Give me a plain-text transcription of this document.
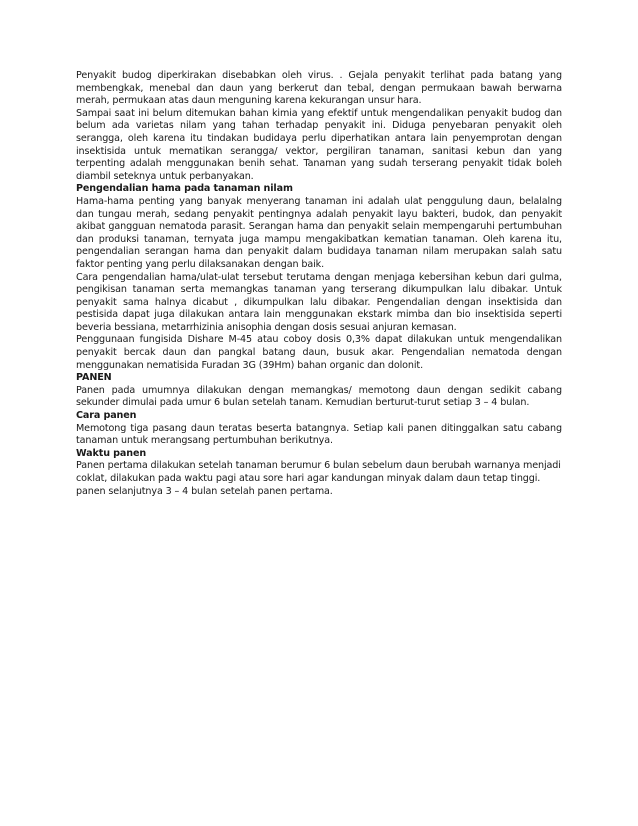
Penyakit budog diperkirakan disebabkan oleh virus. . Gejala penyakit terlihat pada batang yang membengkak, menebal dan daun yang berkerut dan tebal, dengan permukaan bawah berwarna merah, permukaan atas daun menguning karena kekurangan unsur hara.

Sampai saat ini belum ditemukan bahan kimia yang efektif untuk mengendalikan penyakit budog dan belum ada varietas nilam yang tahan terhadap penyakit ini. Diduga penyebaran penyakit oleh serangga, oleh karena itu tindakan budidaya perlu diperhatikan antara lain penyemprotan dengan insektisida untuk mematikan serangga/ vektor, pergiliran tanaman, sanitasi kebun dan yang terpenting adalah menggunakan benih sehat. Tanaman yang sudah terserang penyakit tidak boleh diambil seteknya untuk perbanyakan.

Pengendalian hama pada tanaman nilam

Hama-hama penting yang banyak menyerang tanaman ini adalah ulat penggulung daun, belalalng dan tungau merah, sedang penyakit pentingnya adalah penyakit layu bakteri, budok, dan penyakit akibat gangguan nematoda parasit. Serangan hama dan penyakit selain mempengaruhi pertumbuhan dan produksi tanaman, ternyata juga mampu mengakibatkan kematian tanaman. Oleh karena itu, pengendalian serangan hama dan penyakit dalam budidaya tanaman nilam merupakan salah satu faktor penting yang perlu dilaksanakan dengan baik.

Cara pengendalian hama/ulat-ulat tersebut terutama dengan menjaga kebersihan kebun dari gulma, pengikisan tanaman serta memangkas tanaman yang terserang dikumpulkan lalu dibakar. Untuk penyakit sama halnya dicabut , dikumpulkan lalu dibakar. Pengendalian dengan insektisida dan pestisida dapat juga dilakukan antara lain menggunakan ekstark mimba dan bio insektisida seperti beveria bessiana, metarrhizinia anisophia dengan dosis sesuai anjuran kemasan.

Penggunaan fungisida Dishare M-45 atau coboy dosis 0,3% dapat dilakukan untuk mengendalikan penyakit bercak daun dan pangkal batang daun, busuk akar. Pengendalian nematoda dengan menggunakan nematisida Furadan 3G (39Hm) bahan organic dan dolonit.

PANEN

Panen pada umumnya dilakukan dengan memangkas/ memotong daun dengan sedikit cabang sekunder dimulai pada umur 6 bulan setelah tanam. Kemudian berturut-turut setiap 3 – 4 bulan.

Cara panen

Memotong tiga pasang daun teratas beserta batangnya. Setiap kali panen ditinggalkan satu cabang tanaman untuk merangsang pertumbuhan berikutnya.

Waktu panen

Panen pertama dilakukan setelah tanaman berumur 6 bulan sebelum daun berubah warnanya menjadi coklat, dilakukan pada waktu pagi atau sore hari agar kandungan minyak dalam daun tetap tinggi. panen selanjutnya 3 – 4 bulan setelah panen pertama.
